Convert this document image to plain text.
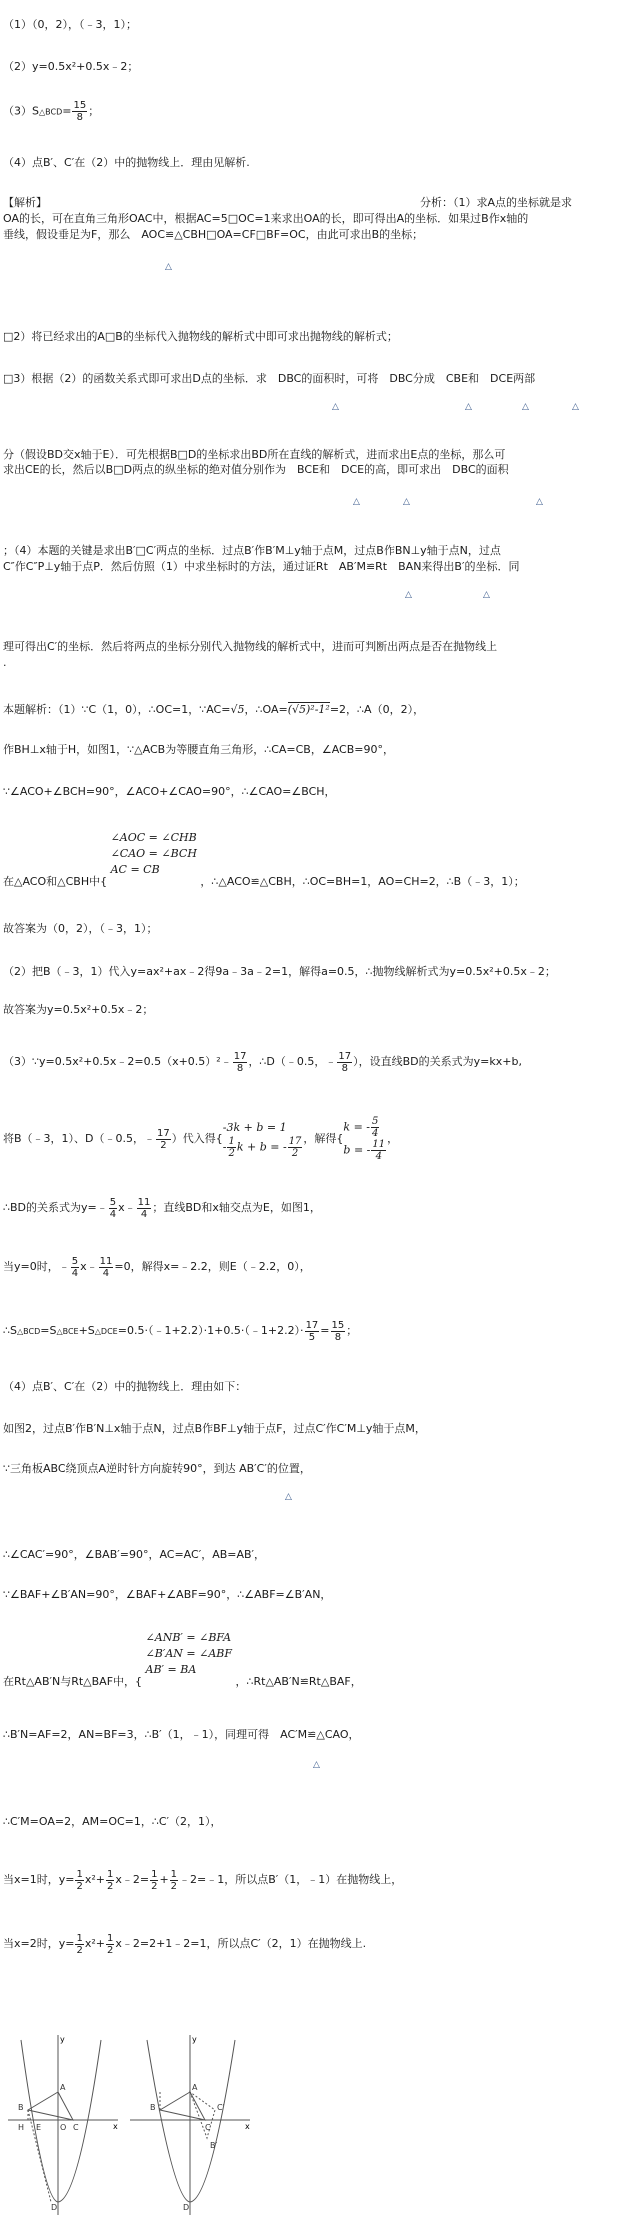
（1）（0，2），（﹣3，1）；
（2）y=0.5x²+0.5x﹣2；
（3）S△BCD= $\frac{15}{8}$ ；
（4）点B′、C′在（2）中的抛物线上．理由见解析.
【解析】	分析：（1）求A点的坐标就是求
OA的长，可在直角三角形OAC中，根据AC=5□OC=1来求出OA的长，即可得出A的坐标．如果过B作x轴的
垂线，假设垂足为F，那么　AOC≌△CBH□OA=CF□BF=OC，由此可求出B的坐标；
△
□2）将已经求出的A□B的坐标代入抛物线的解析式中即可求出抛物线的解析式；
□3）根据（2）的函数关系式即可求出D点的坐标．求　DBC的面积时，可将　DBC分成　CBE和　DCE两部
△	△	△	△
分（假设BD交x轴于E）．可先根据B□D的坐标求出BD所在直线的解析式，进而求出E点的坐标，那么可
求出CE的长，然后以B□D两点的纵坐标的绝对值分别作为　BCE和　DCE的高，即可求出　DBC的面积
△	△	△
；（4）本题的关键是求出B′□C′两点的坐标．过点B′作B′M⊥y轴于点M，过点B作BN⊥y轴于点N，过点
C″作C″P⊥y轴于点P．然后仿照（1）中求坐标时的方法，通过证Rt　AB′M≌Rt　BAN来得出B′的坐标．同
△	△
理可得出C′的坐标．然后将两点的坐标分别代入抛物线的解析式中，进而可判断出两点是否在抛物线上
.
本题解析：（1）∵C（1，0），∴OC=1，∵AC=√5，∴OA=(√5)²-1²=2，∴A（0，2），
作BH⊥x轴于H，如图1，∵△ACB为等腰直角三角形，∴CA=CB，∠ACB=90°，
∵∠ACO+∠BCH=90°，∠ACO+∠CAO=90°，∴∠CAO=∠BCH，
在△ACO和△CBH中{
∠AOC = ∠CHB
∠CAO = ∠BCH
AC = CB
，∴△ACO≌△CBH，∴OC=BH=1，AO=CH=2，∴B（﹣3，1）；
故答案为（0，2），（﹣3，1）；
（2）把B（﹣3，1）代入y=ax²+ax﹣2得9a﹣3a﹣2=1，解得a=0.5，∴抛物线解析式为y=0.5x²+0.5x﹣2；
故答案为y=0.5x²+0.5x﹣2；
（3）∵y=0.5x²+0.5x﹣2=0.5（x+0.5）²﹣ $\frac{17}{8}$ ，∴D（﹣0.5，﹣ $\frac{17}{8}$ ），设直线BD的关系式为y=kx+b,
将B（﹣3，1）、D（﹣0.5，﹣ $\frac{17}{2}$ ）代入得{
-3k + b = 1
- $\frac{1}{2}$ k + b = - $\frac{17}{2}$ ，解得{
k = - $\frac{5}{4}$
b = - $\frac{11}{4}$
，
∴BD的关系式为y=﹣ $\frac{5}{4}$ x﹣ $\frac{11}{4}$ ；直线BD和x轴交点为E，如图1，
当y=0时，﹣ $\frac{5}{4}$ x﹣ $\frac{11}{4} =0$，解得x=﹣2.2，则E（﹣2.2，0），
∴S△BCD=S△BCE+S△DCE=0.5·（﹣1+2.2）·1+0.5·（﹣1+2.2）· $\frac{17}{5} = \frac{15}{8}$ ；
（4）点B′、C′在（2）中的抛物线上．理由如下：
如图2，过点B′作B′N⊥x轴于点N，过点B作BF⊥y轴于点F，过点C′作C′M⊥y轴于点M，
∵三角板ABC绕顶点A逆时针方向旋转90°，到达 AB′C′的位置，
△
∴∠CAC′=90°，∠BAB′=90°，AC=AC′，AB=AB′，
∵∠BAF+∠B′AN=90°，∠BAF+∠ABF=90°，∴∠ABF=∠B′AN，
在Rt△AB′N与Rt△BAF中，{
∠ANB′ = ∠BFA
∠B′AN = ∠ABF
AB′ = BA
，∴Rt△AB′N≌Rt△BAF，
∴B′N=AF=2，AN=BF=3，∴B′（1，﹣1），同理可得　AC′M≌△CAO，
△
∴C′M=OA=2，AM=OC=1，∴C′（2，1），
当x=1时，$y= \frac{1}{2} x^2+ \frac{1}{2}$ x﹣2= $\frac{1}{2} + \frac{1}{2}$ ﹣2=﹣1，所以点B′（1，﹣1）在抛物线上，
当x=2时，$y= \frac{1}{2} x^2+ \frac{1}{2}$ x﹣2=2+1﹣2=1，所以点C′（2，1）在抛物线上.
y
x
D
A
B
C
O
H E
y
x
A
B
C
B′
C′
D
